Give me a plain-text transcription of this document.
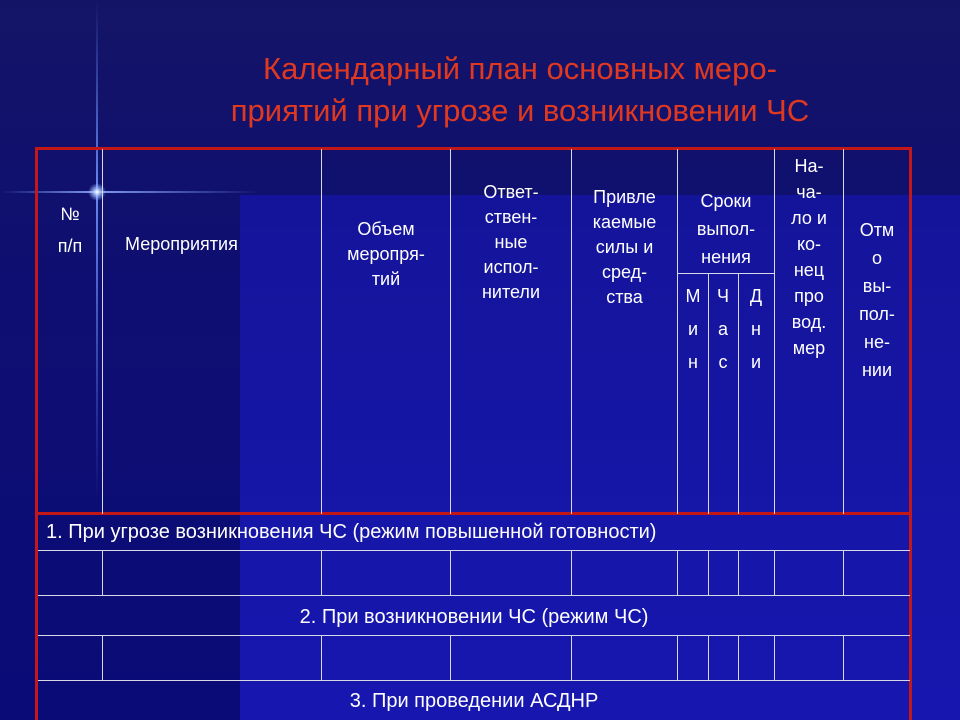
Календарный план основных меро-
приятий при угрозе и возникновении ЧС
№
п/п	Мероприятия
Объем
меропря-
тий
Ответ-
ствен-
ные
испол-
нители
Привле
каемые
силы и
сред-
ства
Сроки
выпол-
нения
М
и
н
Ч
а
с
Д
н
и
На-
ча-
ло и
ко-
нец
про
вод.
мер
Отм
о
вы-
пол-
не-
нии
1. При угрозе возникновения ЧС (режим повышенной готовности)
2. При возникновении ЧС (режим ЧС)
3. При проведении АСДНР
